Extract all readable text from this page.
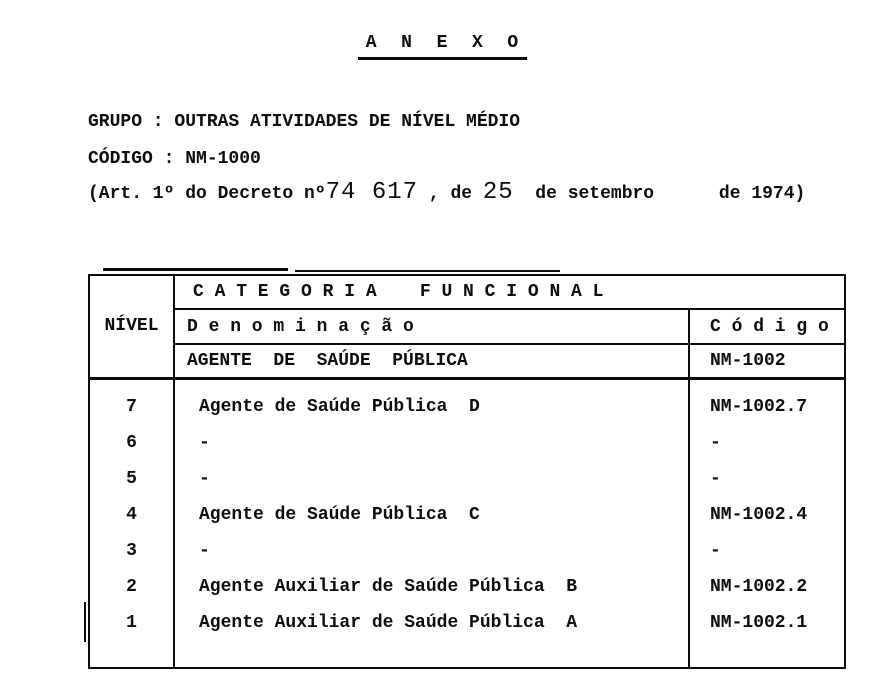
A  N  E  X  O
GRUPO : OUTRAS ATIVIDADES DE NÍVEL MÉDIO
CÓDIGO : NM-1000
(Art. 1º do Decreto nº74 617 , de 25  de setembro      de 1974)
NÍVEL
C A T E G O R I A    F U N C I O N A L
D e n o m i n a ç ã o	C ó d i g o
AGENTE  DE  SAÚDE  PÚBLICA	NM-1002
7
6
5
4
3
2
1
Agente de Saúde Pública  D
-
-
Agente de Saúde Pública  C
-
Agente Auxiliar de Saúde Pública  B
Agente Auxiliar de Saúde Pública  A
NM-1002.7
-
-
NM-1002.4
-
NM-1002.2
NM-1002.1
